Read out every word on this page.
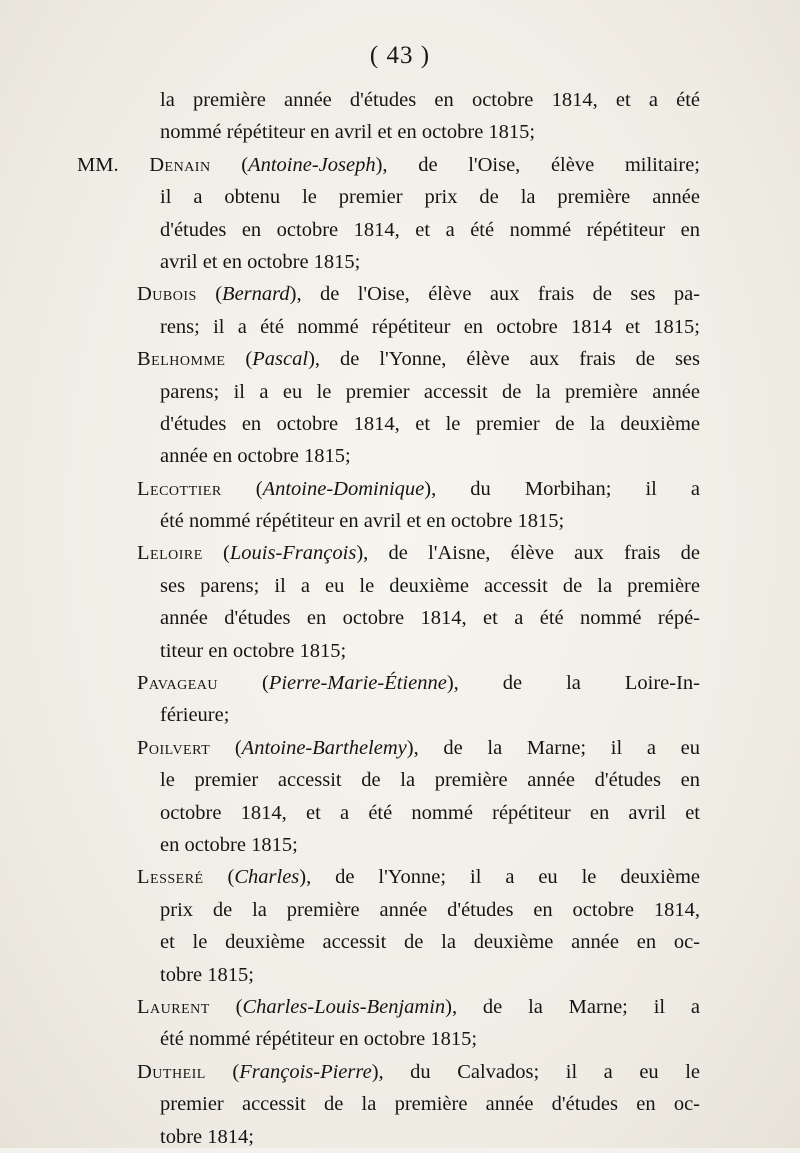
( 43 )
la première année d'études en octobre 1814, et a été
nommé répétiteur en avril et en octobre 1815;
MM. Denain (Antoine-Joseph), de l'Oise, élève militaire;
il a obtenu le premier prix de la première année
d'études en octobre 1814, et a été nommé répétiteur en
avril et en octobre 1815;
Dubois (Bernard), de l'Oise, élève aux frais de ses pa-
rens; il a été nommé répétiteur en octobre 1814 et 1815;
Belhomme (Pascal), de l'Yonne, élève aux frais de ses
parens; il a eu le premier accessit de la première année
d'études en octobre 1814, et le premier de la deuxième
année en octobre 1815;
Lecottier (Antoine-Dominique), du Morbihan; il a
été nommé répétiteur en avril et en octobre 1815;
Leloire (Louis-François), de l'Aisne, élève aux frais de
ses parens; il a eu le deuxième accessit de la première
année d'études en octobre 1814, et a été nommé répé-
titeur en octobre 1815;
Pavageau (Pierre-Marie-Étienne), de la Loire-In-
férieure;
Poilvert (Antoine-Barthelemy), de la Marne; il a eu
le premier accessit de la première année d'études en
octobre 1814, et a été nommé répétiteur en avril et
en octobre 1815;
Lesseré (Charles), de l'Yonne; il a eu le deuxième
prix de la première année d'études en octobre 1814,
et le deuxième accessit de la deuxième année en oc-
tobre 1815;
Laurent (Charles-Louis-Benjamin), de la Marne; il a
été nommé répétiteur en octobre 1815;
Dutheil (François-Pierre), du Calvados; il a eu le
premier accessit de la première année d'études en oc-
tobre 1814;
